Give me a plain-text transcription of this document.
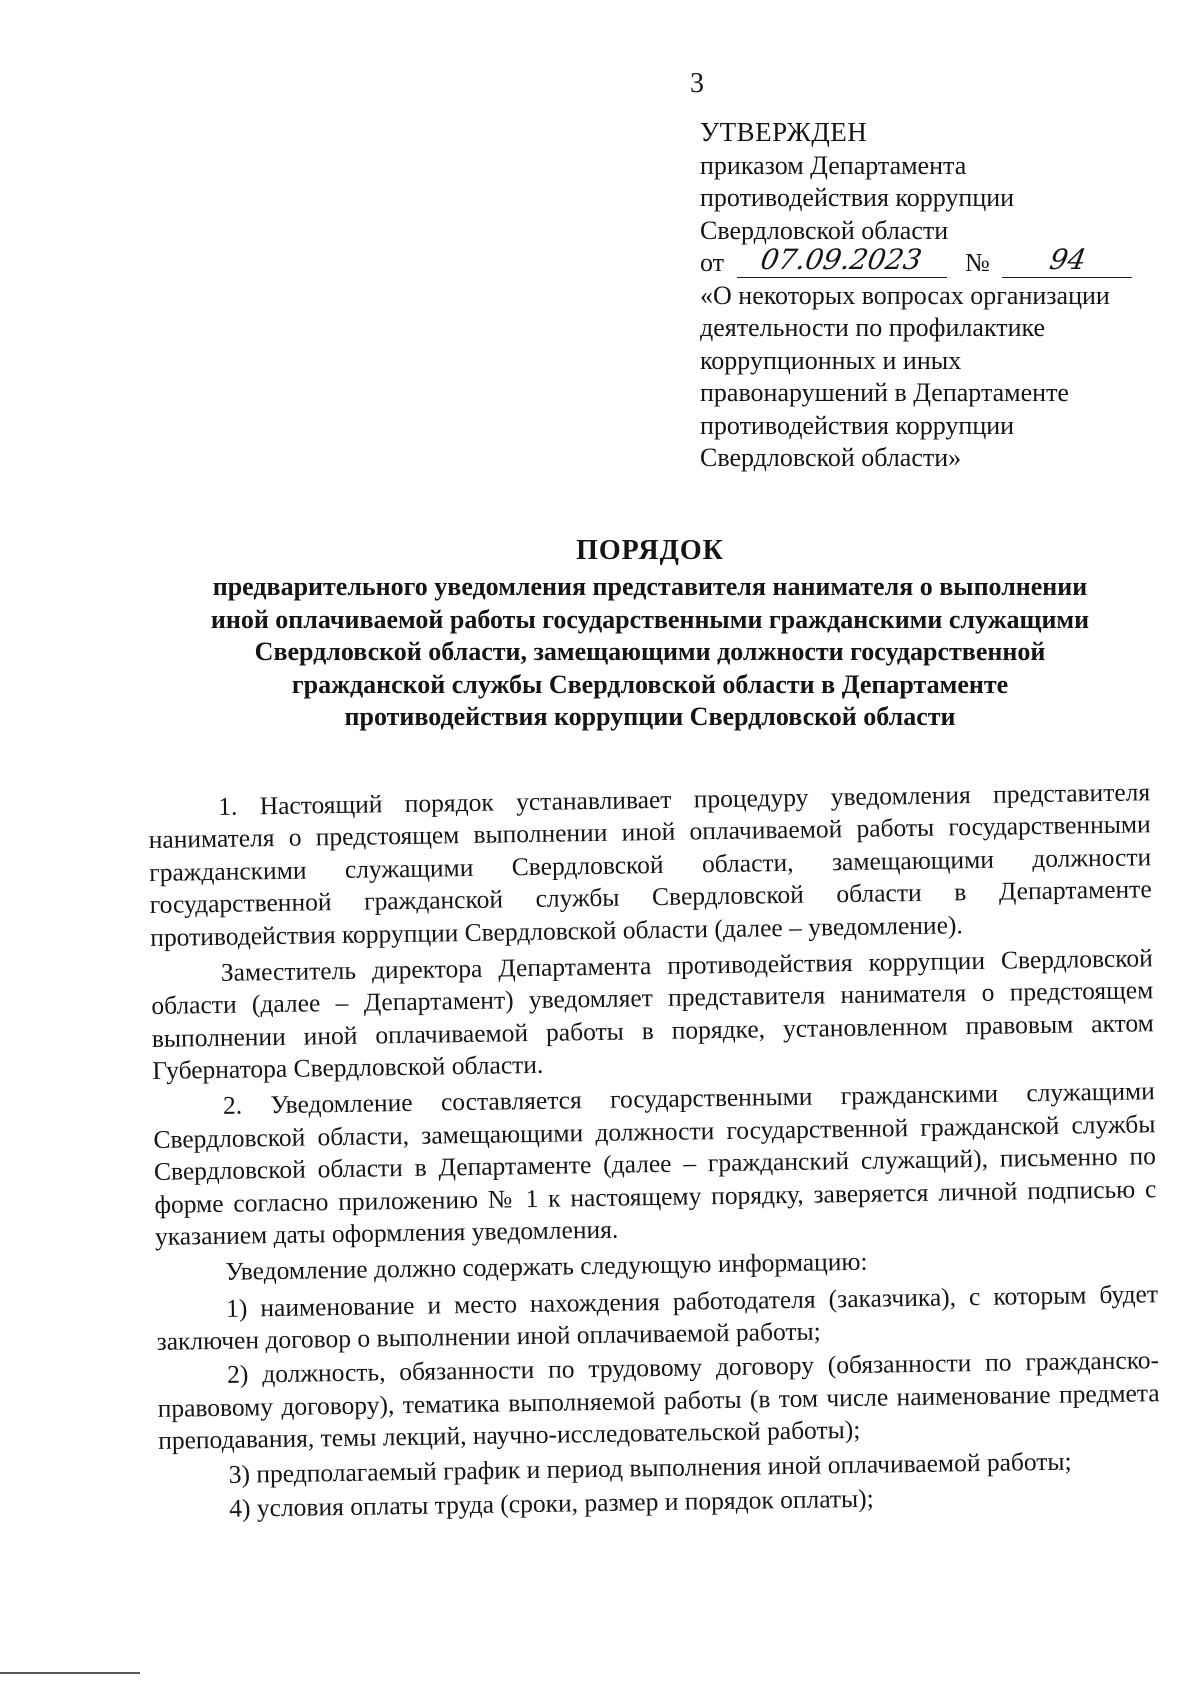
3
УТВЕРЖДЕН
приказом Департамента
противодействия коррупции
Свердловской области
от 07.09.2023 № 94
«О некоторых вопросах организации
деятельности по профилактике
коррупционных и иных
правонарушений в Департаменте
противодействия коррупции
Свердловской области»
ПОРЯДОК
предварительного уведомления представителя нанимателя о выполнении
иной оплачиваемой работы государственными гражданскими служащими
Свердловской области, замещающими должности государственной
гражданской службы Свердловской области в Департаменте
противодействия коррупции Свердловской области

1. Настоящий порядок устанавливает процедуру уведомления представителя нанимателя о предстоящем выполнении иной оплачиваемой работы государственными гражданскими служащими Свердловской области, замещающими должности государственной гражданской службы Свердловской области в Департаменте противодействия коррупции Свердловской области (далее – уведомление).

Заместитель директора Департамента противодействия коррупции Свердловской области (далее – Департамент) уведомляет представителя нанимателя о предстоящем выполнении иной оплачиваемой работы в порядке, установленном правовым актом Губернатора Свердловской области.

2. Уведомление составляется государственными гражданскими служащими Свердловской области, замещающими должности государственной гражданской службы Свердловской области в Департаменте (далее – гражданский служащий), письменно по форме согласно приложению № 1 к настоящему порядку, заверяется личной подписью с указанием даты оформления уведомления.

Уведомление должно содержать следующую информацию:

1) наименование и место нахождения работодателя (заказчика), с которым будет заключен договор о выполнении иной оплачиваемой работы;

2) должность, обязанности по трудовому договору (обязанности по гражданско-правовому договору), тематика выполняемой работы (в том числе наименование предмета преподавания, темы лекций, научно-исследовательской работы);

3) предполагаемый график и период выполнения иной оплачиваемой работы;

4) условия оплаты труда (сроки, размер и порядок оплаты);
